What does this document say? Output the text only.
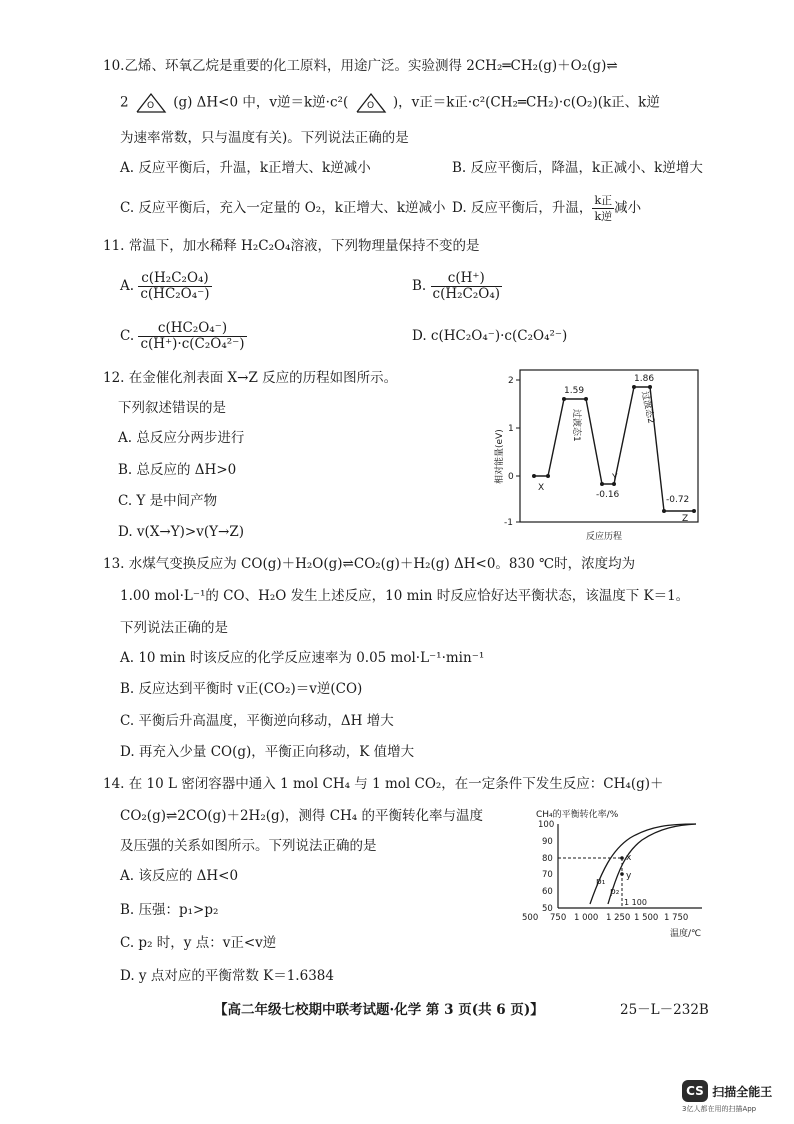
10.乙烯、环氧乙烷是重要的化工原料，用途广泛。实验测得 2CH₂═CH₂(g)＋O₂(g)⇌
2 O (g) ΔH<0 中，v逆＝k逆·c²( O )，v正＝k正·c²(CH₂═CH₂)·c(O₂)(k正、k逆
为速率常数，只与温度有关)。下列说法正确的是
A. 反应平衡后，升温，k正增大、k逆减小	B. 反应平衡后，降温，k正减小、k逆增大
C. 反应平衡后，充入一定量的 O₂，k正增大、k逆减小 D. 反应平衡后，升温， $\frac{\text{k正}}{\text{k逆}}$ 减小
11. 常温下，加水稀释 H₂C₂O₄溶液，下列物理量保持不变的是
A. $\frac{\text{c(H₂C₂O₄)}}{\text{c(HC₂O₄⁻)}}$	B. $\frac{c(H^+)}{\text{c(H₂C₂O₄)}}$
C. $\frac{\text{c(HC₂O₄⁻)}}{\text{c(H⁺)·c(C₂O₄²⁻)}}$	D. c(HC₂O₄⁻)·c(C₂O₄²⁻)
12. 在金催化剂表面 X→Z 反应的历程如图所示。
下列叙述错误的是
A. 总反应分两步进行
B. 总反应的 ΔH>0
C. Y 是中间产物
D. v(X→Y)>v(Y→Z)
2
1
0
-1
相对能量(eV)
X
1.59
Y
-0.16
1.86
-0.72
Z
过渡态1
过渡态2
反应历程
13. 水煤气变换反应为 CO(g)＋H₂O(g)⇌CO₂(g)＋H₂(g) ΔH<0。830 ℃时，浓度均为
1.00 mol·L⁻¹的 CO、H₂O 发生上述反应，10 min 时反应恰好达平衡状态，该温度下 K＝1。
下列说法正确的是
A. 10 min 时该反应的化学反应速率为 0.05 mol·L⁻¹·min⁻¹
B. 反应达到平衡时 v正(CO₂)＝v逆(CO)
C. 平衡后升高温度，平衡逆向移动，ΔH 增大
D. 再充入少量 CO(g)，平衡正向移动，K 值增大
14. 在 10 L 密闭容器中通入 1 mol CH₄ 与 1 mol CO₂，在一定条件下发生反应：CH₄(g)＋
CO₂(g)⇌2CO(g)＋2H₂(g)，测得 CH₄ 的平衡转化率与温度
及压强的关系如图所示。下列说法正确的是
A. 该反应的 ΔH<0
B. 压强：p₁>p₂
C. p₂ 时，y 点：v正<v逆
D. y 点对应的平衡常数 K＝1.6384
CH₄的平衡转化率/%
100
90
80
70
60
50
500 750 1 000 1 250 1 500 1 750
x
y
p₁
p₂
1 100
温度/℃
【高二年级七校期中联考试题·化学 第 3 页(共 6 页)】	25－L－232B
CS 扫描全能王
3亿人都在用的扫描App
